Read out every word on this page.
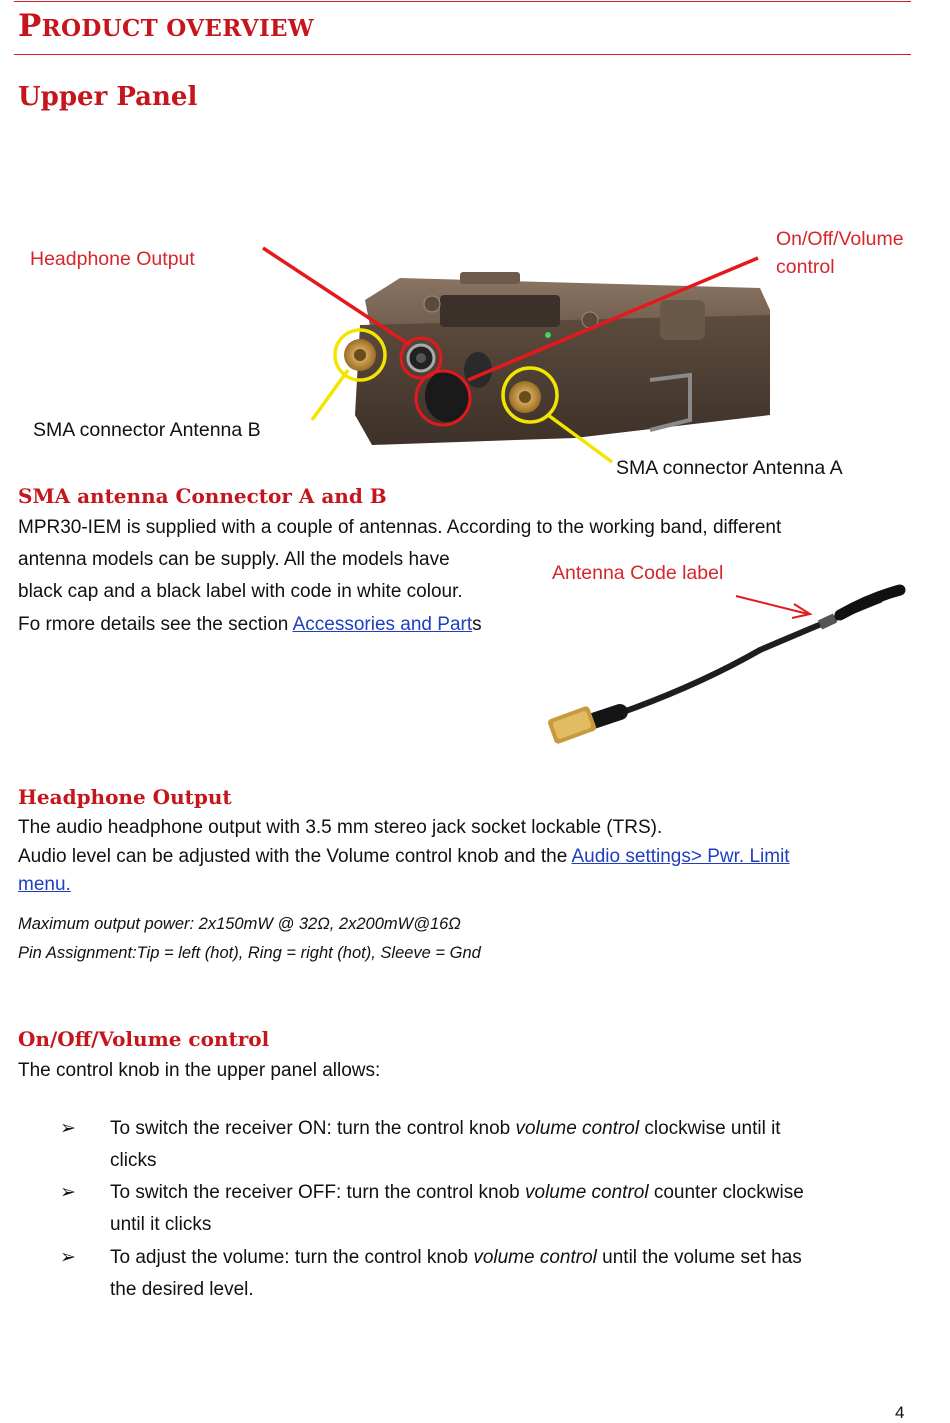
PRODUCT OVERVIEW
Upper Panel
Headphone Output
On/Off/Volume
control
SMA connector Antenna B
SMA connector Antenna A
SMA antenna Connector A and B
MPR30-IEM is supplied with a couple of antennas. According to the working band, different
antenna models can be supply. All the models have
black cap and a black label with code in white colour.
Fo rmore details see the section Accessories and Parts
Antenna Code label
Headphone Output
The audio headphone output with 3.5 mm stereo jack socket lockable (TRS).
Audio level can be adjusted with the Volume control knob and the Audio settings> Pwr. Limit
menu.
Maximum output power: 2x150mW @ 32Ω, 2x200mW@16Ω
Pin Assignment:Tip = left (hot), Ring = right (hot), Sleeve = Gnd
On/Off/Volume control
The control knob in the upper panel allows:
➢	To switch the receiver ON: turn the control knob volume control clockwise until it
clicks
➢	To switch the receiver OFF: turn the control knob volume control counter clockwise
until it clicks
➢	To adjust the volume: turn the control knob volume control until the volume set has
the desired level.
4
